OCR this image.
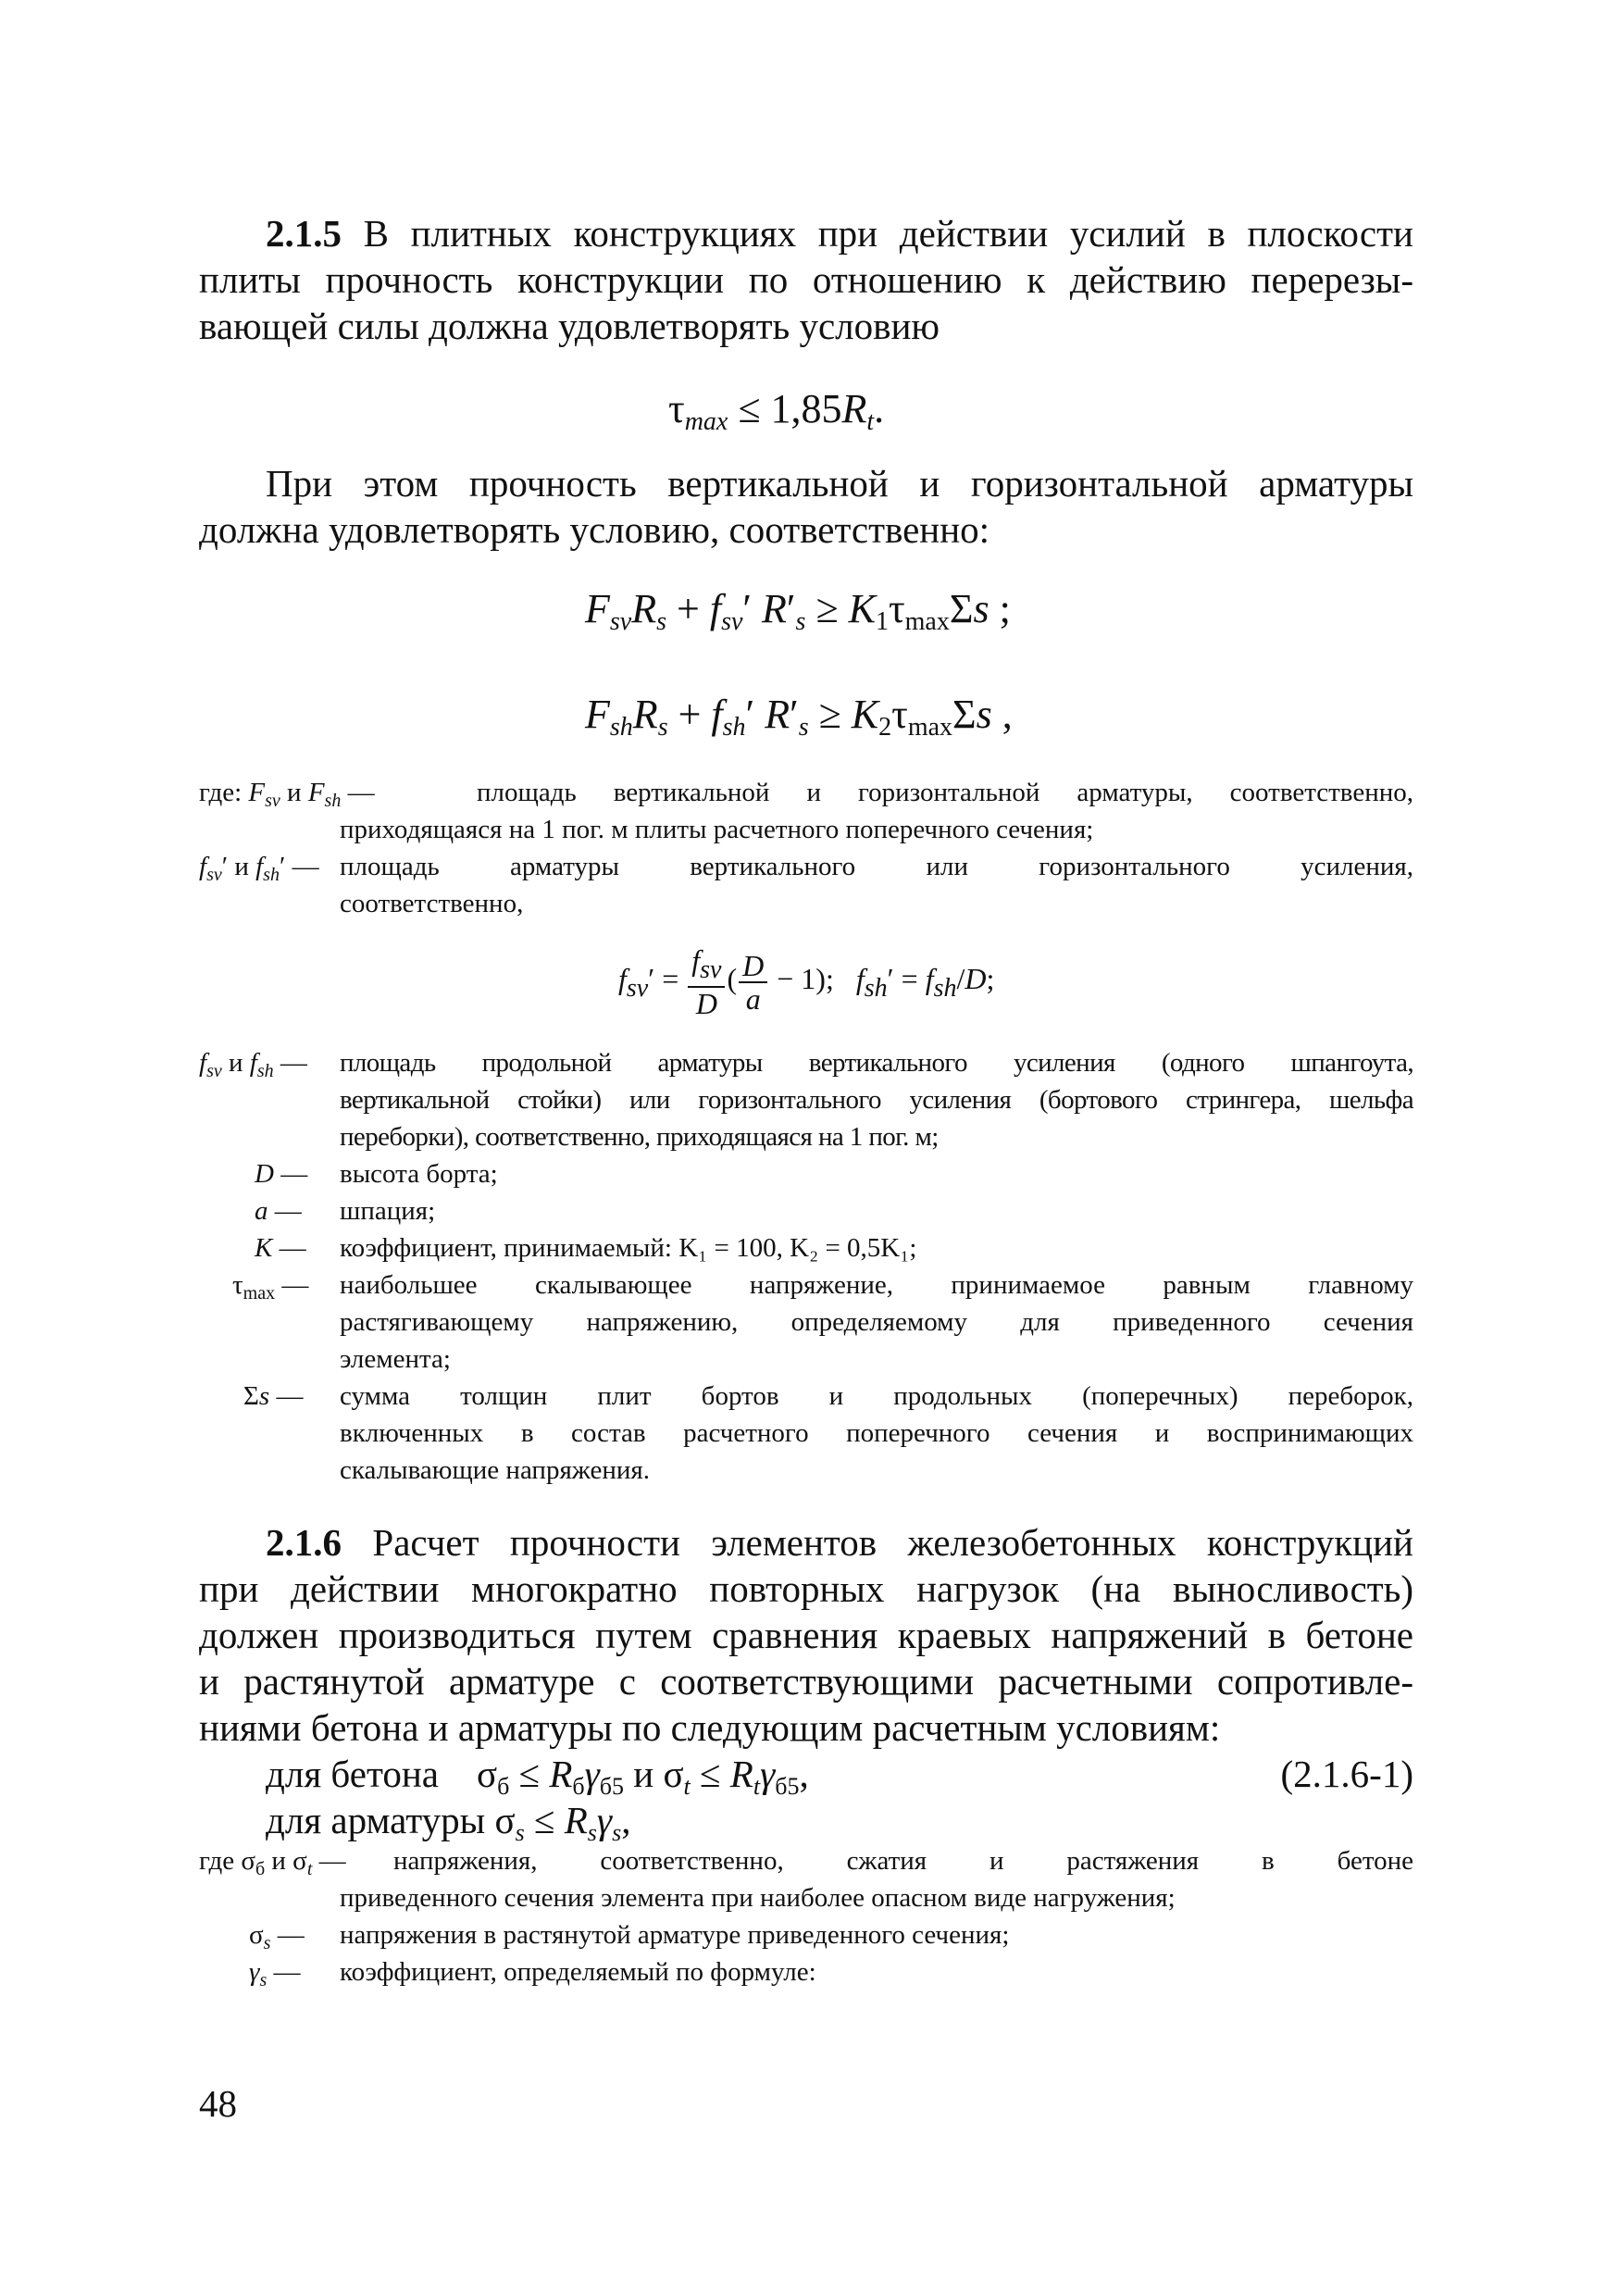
2.1.5 В плитных конструкциях при действии усилий в плоскости
плиты прочность конструкции по отношению к действию перерезы-
вающей силы должна удовлетворять условию
$\tau_{max} \le 1,85R_t$.
При этом прочность вертикальной и горизонтальной арматуры
должна удовлетворять условию, соответственно:
$F_{sv}R_s + f_{sv}'$ $R'_s \ge K_1\tau_{max}\Sigma s$ ;
$F_{sh}R_s + f_{sh}'$ $R'_s \ge K_2\tau_{max}\Sigma s$ ,
где: $F_{sv}$ и $F_{sh}$ —	площадь вертикальной и горизонтальной арматуры, соответственно,
приходящаяся на 1 пог. м плиты расчетного поперечного сечения;
$f_{sv}'$ и $f_{sh}'$ — площадь арматуры вертикального или горизонтального усиления,
соответственно,
$f_{sv}' = \frac{f_{sv}}{D}$ ( $\frac{D}{a} - 1$);   $f_{sh}' = f_{sh}/D$;
$f_{sv}$ и $f_{sh}$ — площадь продольной арматуры вертикального усиления (одного шпангоута,
вертикальной стойки) или горизонтального усиления (бортового стрингера, шельфа
переборки), соответственно, приходящаяся на 1 пог. м;
D — высота борта;
a — шпация;
K — коэффициент, принимаемый: K₁ = 100, K₂ = 0,5K₁;
$\tau_{max}$ — наибольшее скалывающее напряжение, принимаемое равным главному
растягивающему напряжению, определяемому для приведенного сечения
элемента;
Σs — сумма толщин плит бортов и продольных (поперечных) переборок,
включенных в состав расчетного поперечного сечения и воспринимающих
скалывающие напряжения.
2.1.6 Расчет прочности элементов железобетонных конструкций
при действии многократно повторных нагрузок (на выносливость)
должен производиться путем сравнения краевых напряжений в бетоне
и растянутой арматуре с соответствующими расчетными сопротивле-
ниями бетона и арматуры по следующим расчетным условиям:
для бетона    $\sigma_б \le R_б\gamma_{б5}$ и $\sigma_t \le R_t\gamma_{б5}$,	(2.1.6-1)
для арматуры $\sigma_s \le R_s\gamma_s$,
где $\sigma_б$ и $\sigma_t$ —	напряжения, соответственно, сжатия и растяжения в бетоне
приведенного сечения элемента при наиболее опасном виде нагружения;
$\sigma_s$ — напряжения в растянутой арматуре приведенного сечения;
$\gamma_s$ — коэффициент, определяемый по формуле:
48
